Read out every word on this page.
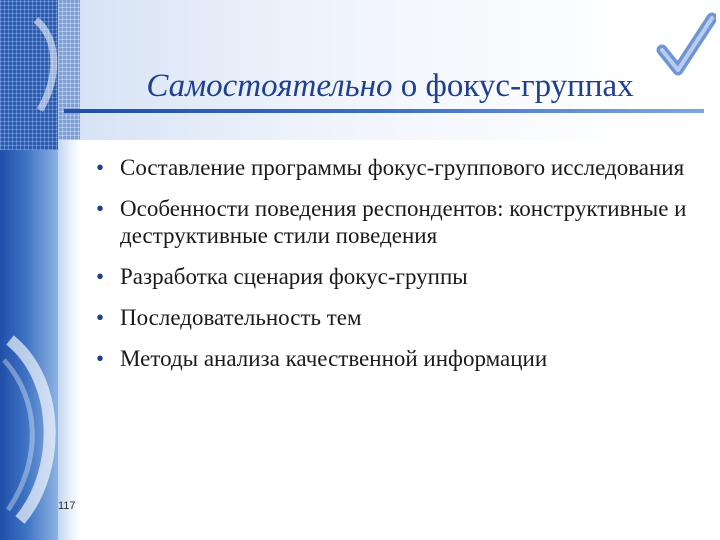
Самостоятельно о фокус-группах
• Составление программы фокус-группового исследования
• Особенности поведения респондентов: конструктивные и деструктивные стили поведения
• Разработка сценария фокус-группы
• Последовательность тем
• Методы анализа качественной информации
117
